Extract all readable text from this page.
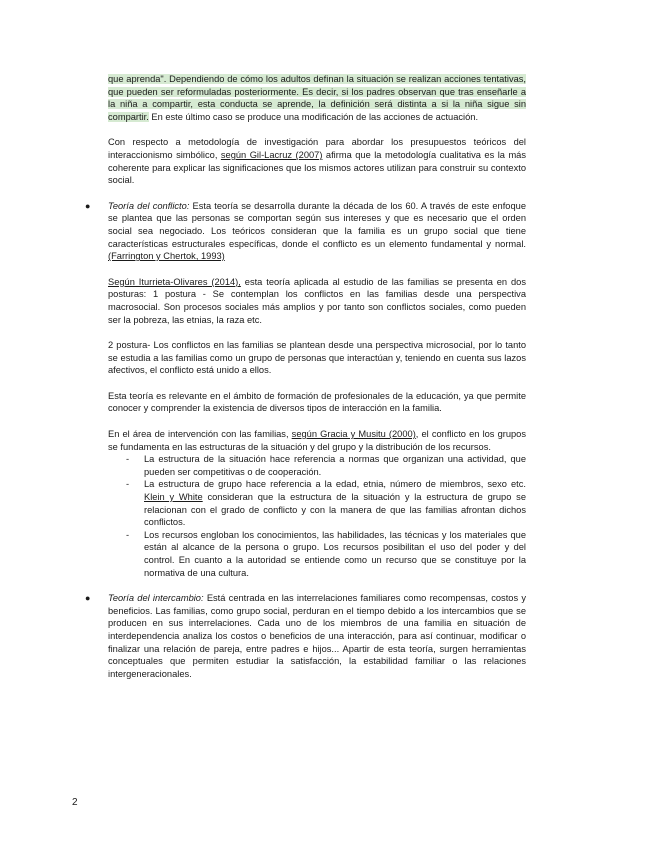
que aprenda". Dependiendo de cómo los adultos definan la situación se realizan acciones tentativas, que pueden ser reformuladas posteriormente. Es decir, si los padres observan que tras enseñarle a la niña a compartir, esta conducta se aprende, la definición será distinta a si la niña sigue sin compartir. En este último caso se produce una modificación de las acciones de actuación.

Con respecto a metodología de investigación para abordar los presupuestos teóricos del interaccionismo simbólico, según Gil-Lacruz (2007) afirma que la metodología cualitativa es la más coherente para explicar las significaciones que los mismos actores utilizan para construir su contexto social.

● Teoría del conflicto: Esta teoría se desarrolla durante la década de los 60. A través de este enfoque se plantea que las personas se comportan según sus intereses y que es necesario que el orden social sea negociado. Los teóricos consideran que la familia es un grupo social que tiene características estructurales específicas, donde el conflicto es un elemento fundamental y normal. (Farrington y Chertok, 1993)

Según Iturrieta-Olivares (2014), esta teoría aplicada al estudio de las familias se presenta en dos posturas: 1 postura - Se contemplan los conflictos en las familias desde una perspectiva macrosocial. Son procesos sociales más amplios y por tanto son conflictos sociales, como pueden ser la pobreza, las etnias, la raza etc.

2 postura- Los conflictos en las familias se plantean desde una perspectiva microsocial, por lo tanto se estudia a las familias como un grupo de personas que interactúan y, teniendo en cuenta sus lazos afectivos, el conflicto está unido a ellos.

Esta teoría es relevante en el ámbito de formación de profesionales de la educación, ya que permite conocer y comprender la existencia de diversos tipos de interacción en la familia.

En el área de intervención con las familias, según Gracia y Musitu (2000), el conflicto en los grupos se fundamenta en las estructuras de la situación y del grupo y la distribución de los recursos.

- La estructura de la situación hace referencia a normas que organizan una actividad, que pueden ser competitivas o de cooperación.
- La estructura de grupo hace referencia a la edad, etnia, número de miembros, sexo etc. Klein y White consideran que la estructura de la situación y la estructura de grupo se relacionan con el grado de conflicto y con la manera de que las familias afrontan dichos conflictos.
- Los recursos engloban los conocimientos, las habilidades, las técnicas y los materiales que están al alcance de la persona o grupo. Los recursos posibilitan el uso del poder y del control. En cuanto a la autoridad se entiende como un recurso que se constituye por la normativa de una cultura.

● Teoría del intercambio: Está centrada en las interrelaciones familiares como recompensas, costos y beneficios. Las familias, como grupo social, perduran en el tiempo debido a los intercambios que se producen en sus interrelaciones. Cada uno de los miembros de una familia en situación de interdependencia analiza los costos o beneficios de una interacción, para así continuar, modificar o finalizar una relación de pareja, entre padres e hijos... Apartir de esta teoría, surgen herramientas conceptuales que permiten estudiar la satisfacción, la estabilidad familiar o las relaciones intergeneracionales.

2
